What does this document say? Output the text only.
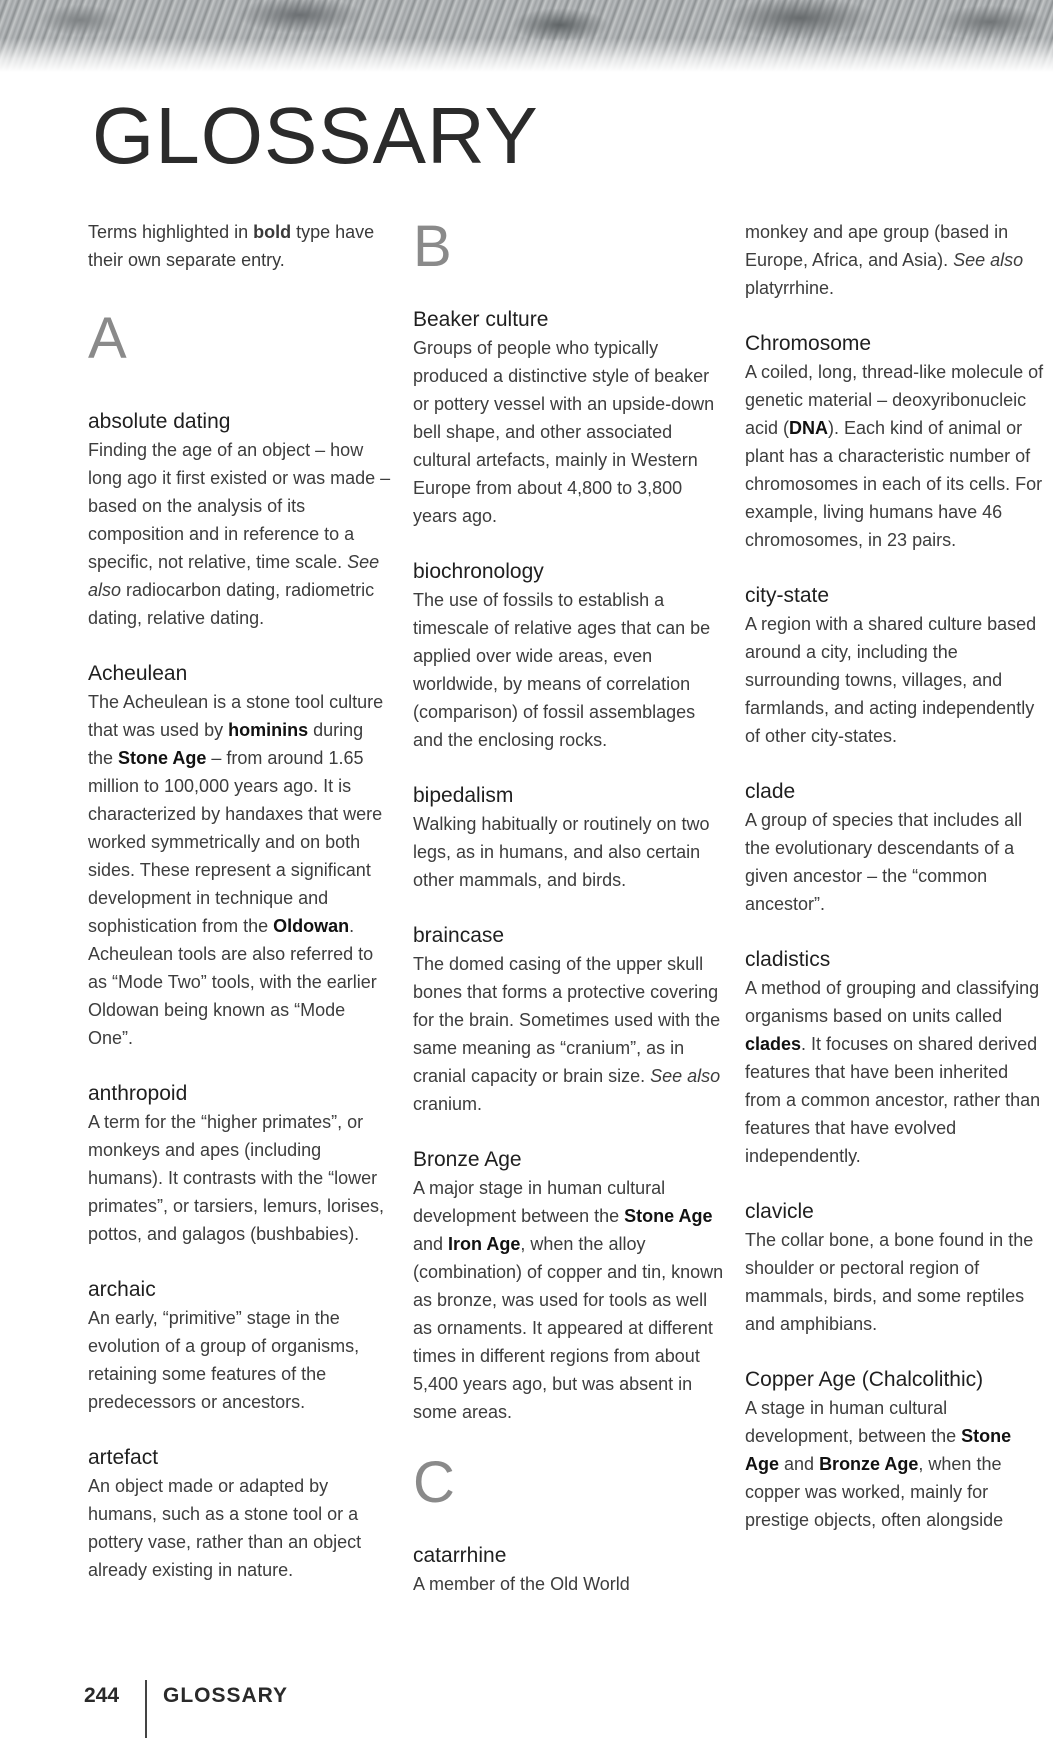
GLOSSARY

Terms highlighted in bold type have their own separate entry.

A

absolute dating

Finding the age of an object – how long ago it first existed or was made – based on the analysis of its composition and in reference to a specific, not relative, time scale. See also radiocarbon dating, radiometric dating, relative dating.

Acheulean

The Acheulean is a stone tool culture that was used by hominins during the Stone Age – from around 1.65 million to 100,000 years ago. It is characterized by handaxes that were worked symmetrically and on both sides. These represent a significant development in technique and sophistication from the Oldowan. Acheulean tools are also referred to as “Mode Two” tools, with the earlier Oldowan being known as “Mode One”.

anthropoid

A term for the “higher primates”, or monkeys and apes (including humans). It contrasts with the “lower primates”, or tarsiers, lemurs, lorises, pottos, and galagos (bushbabies).

archaic

An early, “primitive” stage in the evolution of a group of organisms, retaining some features of the predecessors or ancestors.

artefact

An object made or adapted by humans, such as a stone tool or a pottery vase, rather than an object already existing in nature.

B

Beaker culture

Groups of people who typically produced a distinctive style of beaker or pottery vessel with an upside-down bell shape, and other associated cultural artefacts, mainly in Western Europe from about 4,800 to 3,800 years ago.

biochronology

The use of fossils to establish a timescale of relative ages that can be applied over wide areas, even worldwide, by means of correlation (comparison) of fossil assemblages and the enclosing rocks.

bipedalism

Walking habitually or routinely on two legs, as in humans, and also certain other mammals, and birds.

braincase

The domed casing of the upper skull bones that forms a protective covering for the brain. Sometimes used with the same meaning as “cranium”, as in cranial capacity or brain size. See also cranium.

Bronze Age

A major stage in human cultural development between the Stone Age and Iron Age, when the alloy (combination) of copper and tin, known as bronze, was used for tools as well as ornaments. It appeared at different times in different regions from about 5,400 years ago, but was absent in some areas.

C

catarrhine

A member of the Old World

monkey and ape group (based in Europe, Africa, and Asia). See also platyrrhine.

Chromosome

A coiled, long, thread-like molecule of genetic material – deoxyribonucleic acid (DNA). Each kind of animal or plant has a characteristic number of chromosomes in each of its cells. For example, living humans have 46 chromosomes, in 23 pairs.

city-state

A region with a shared culture based around a city, including the surrounding towns, villages, and farmlands, and acting independently of other city-states.

clade

A group of species that includes all the evolutionary descendants of a given ancestor – the “common ancestor”.

cladistics

A method of grouping and classifying organisms based on units called clades. It focuses on shared derived features that have been inherited from a common ancestor, rather than features that have evolved independently.

clavicle

The collar bone, a bone found in the shoulder or pectoral region of mammals, birds, and some reptiles and amphibians.

Copper Age (Chalcolithic)

A stage in human cultural development, between the Stone Age and Bronze Age, when the copper was worked, mainly for prestige objects, often alongside

244 GLOSSARY
